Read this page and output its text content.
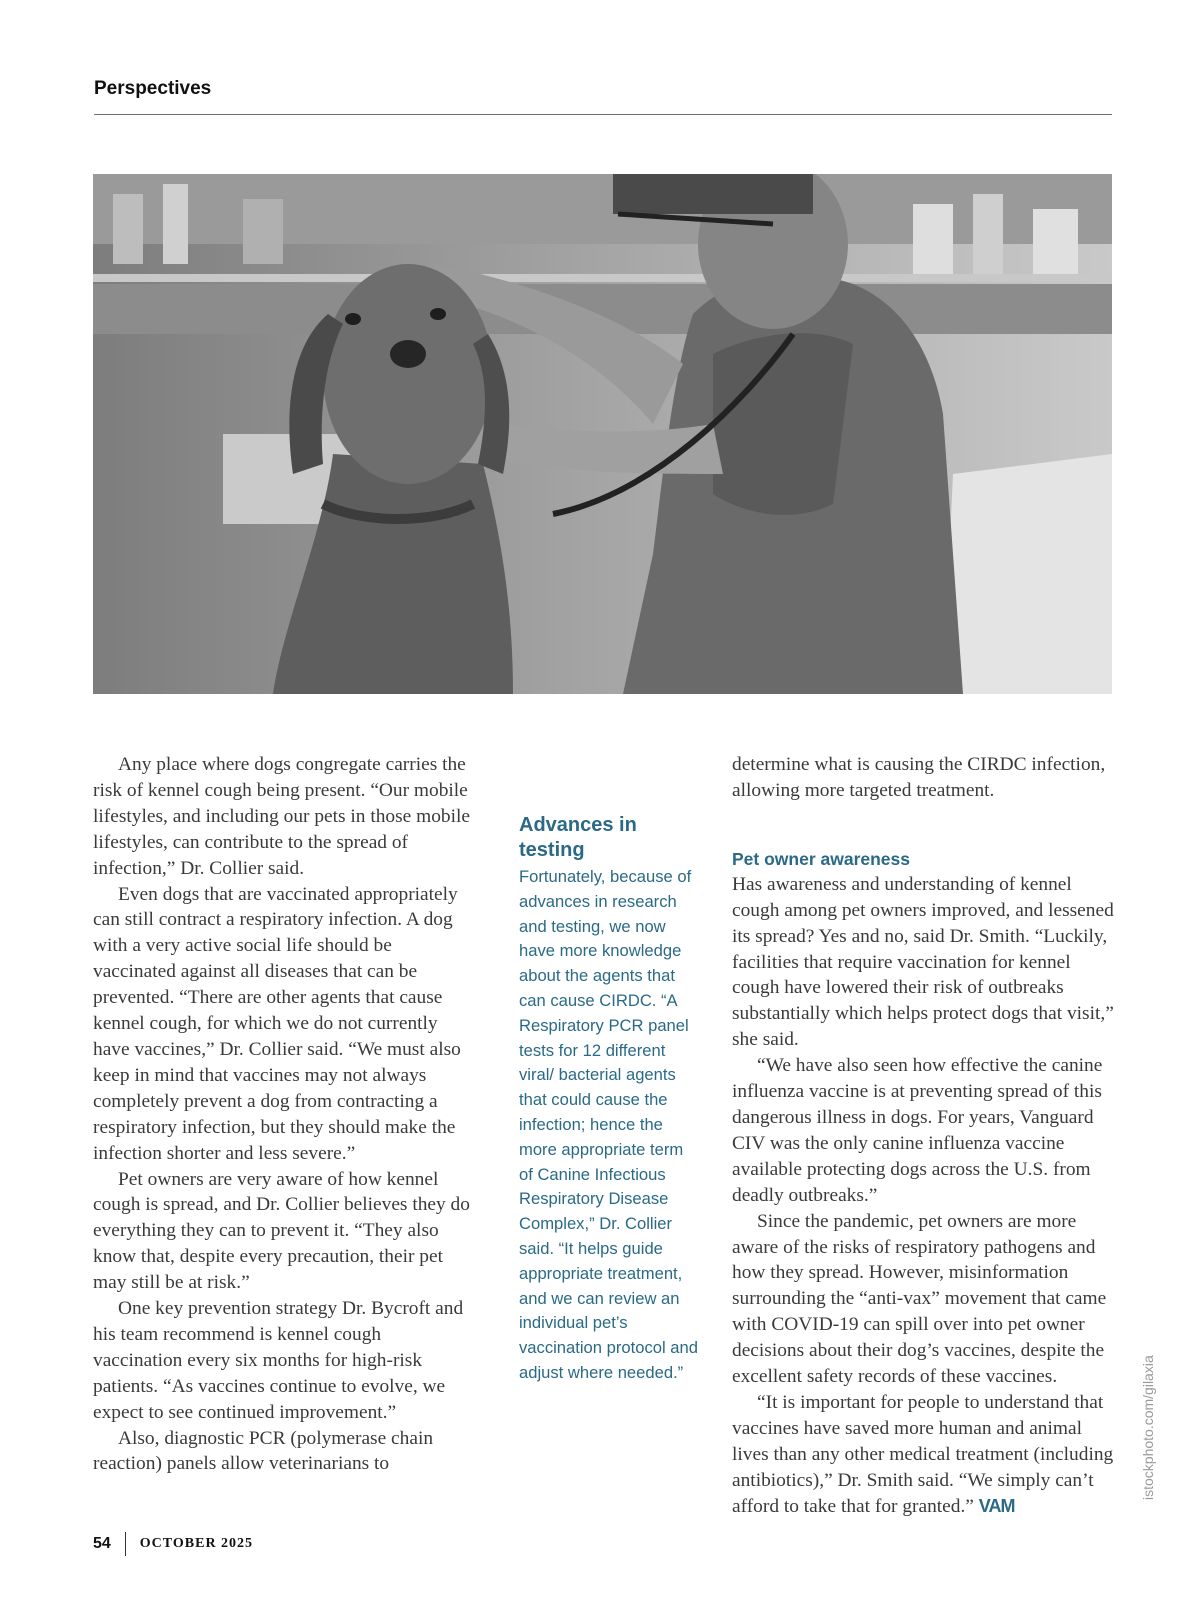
Perspectives

Any place where dogs congregate carries the risk of kennel cough being present. “Our mobile lifestyles, and including our pets in those mobile lifestyles, can contribute to the spread of infection,” Dr. Collier said.

Even dogs that are vaccinated appropriately can still contract a respiratory infection. A dog with a very active social life should be vaccinated against all diseases that can be prevented. “There are other agents that cause kennel cough, for which we do not currently have vaccines,” Dr. Collier said. “We must also keep in mind that vaccines may not always completely prevent a dog from contracting a respiratory infection, but they should make the infection shorter and less severe.”

Pet owners are very aware of how kennel cough is spread, and Dr. Collier believes they do everything they can to prevent it. “They also know that, despite every precaution, their pet may still be at risk.”

One key prevention strategy Dr. Bycroft and his team recommend is kennel cough vaccination every six months for high-risk patients. “As vaccines continue to evolve, we expect to see continued improvement.”

Also, diagnostic PCR (polymerase chain reaction) panels allow veterinarians to

Advances in testing
Fortunately, because of advances in research and testing, we now have more knowledge about the agents that can cause CIRDC. “A Respiratory PCR panel tests for 12 different viral/ bacterial agents that could cause the infection; hence the more appropriate term of Canine Infectious Respiratory Disease Complex,” Dr. Collier said. “It helps guide appropriate treatment, and we can review an individual pet’s vaccination protocol and adjust where needed.”

determine what is causing the CIRDC infection, allowing more targeted treatment.

Pet owner awareness

Has awareness and understanding of kennel cough among pet owners improved, and lessened its spread? Yes and no, said Dr. Smith. “Luckily, facilities that require vaccination for kennel cough have lowered their risk of outbreaks substantially which helps protect dogs that visit,” she said.

“We have also seen how effective the canine influenza vaccine is at preventing spread of this dangerous illness in dogs. For years, Vanguard CIV was the only canine influenza vaccine available protecting dogs across the U.S. from deadly outbreaks.”

Since the pandemic, pet owners are more aware of the risks of respiratory pathogens and how they spread. However, misinformation surrounding the “anti-vax” movement that came with COVID-19 can spill over into pet owner decisions about their dog’s vaccines, despite the excellent safety records of these vaccines.

“It is important for people to understand that vaccines have saved more human and animal lives than any other medical treatment (including antibiotics),” Dr. Smith said. “We simply can’t afford to take that for granted.” VAM

istockphoto.com/gilaxia
54 OCTOBER 2025
